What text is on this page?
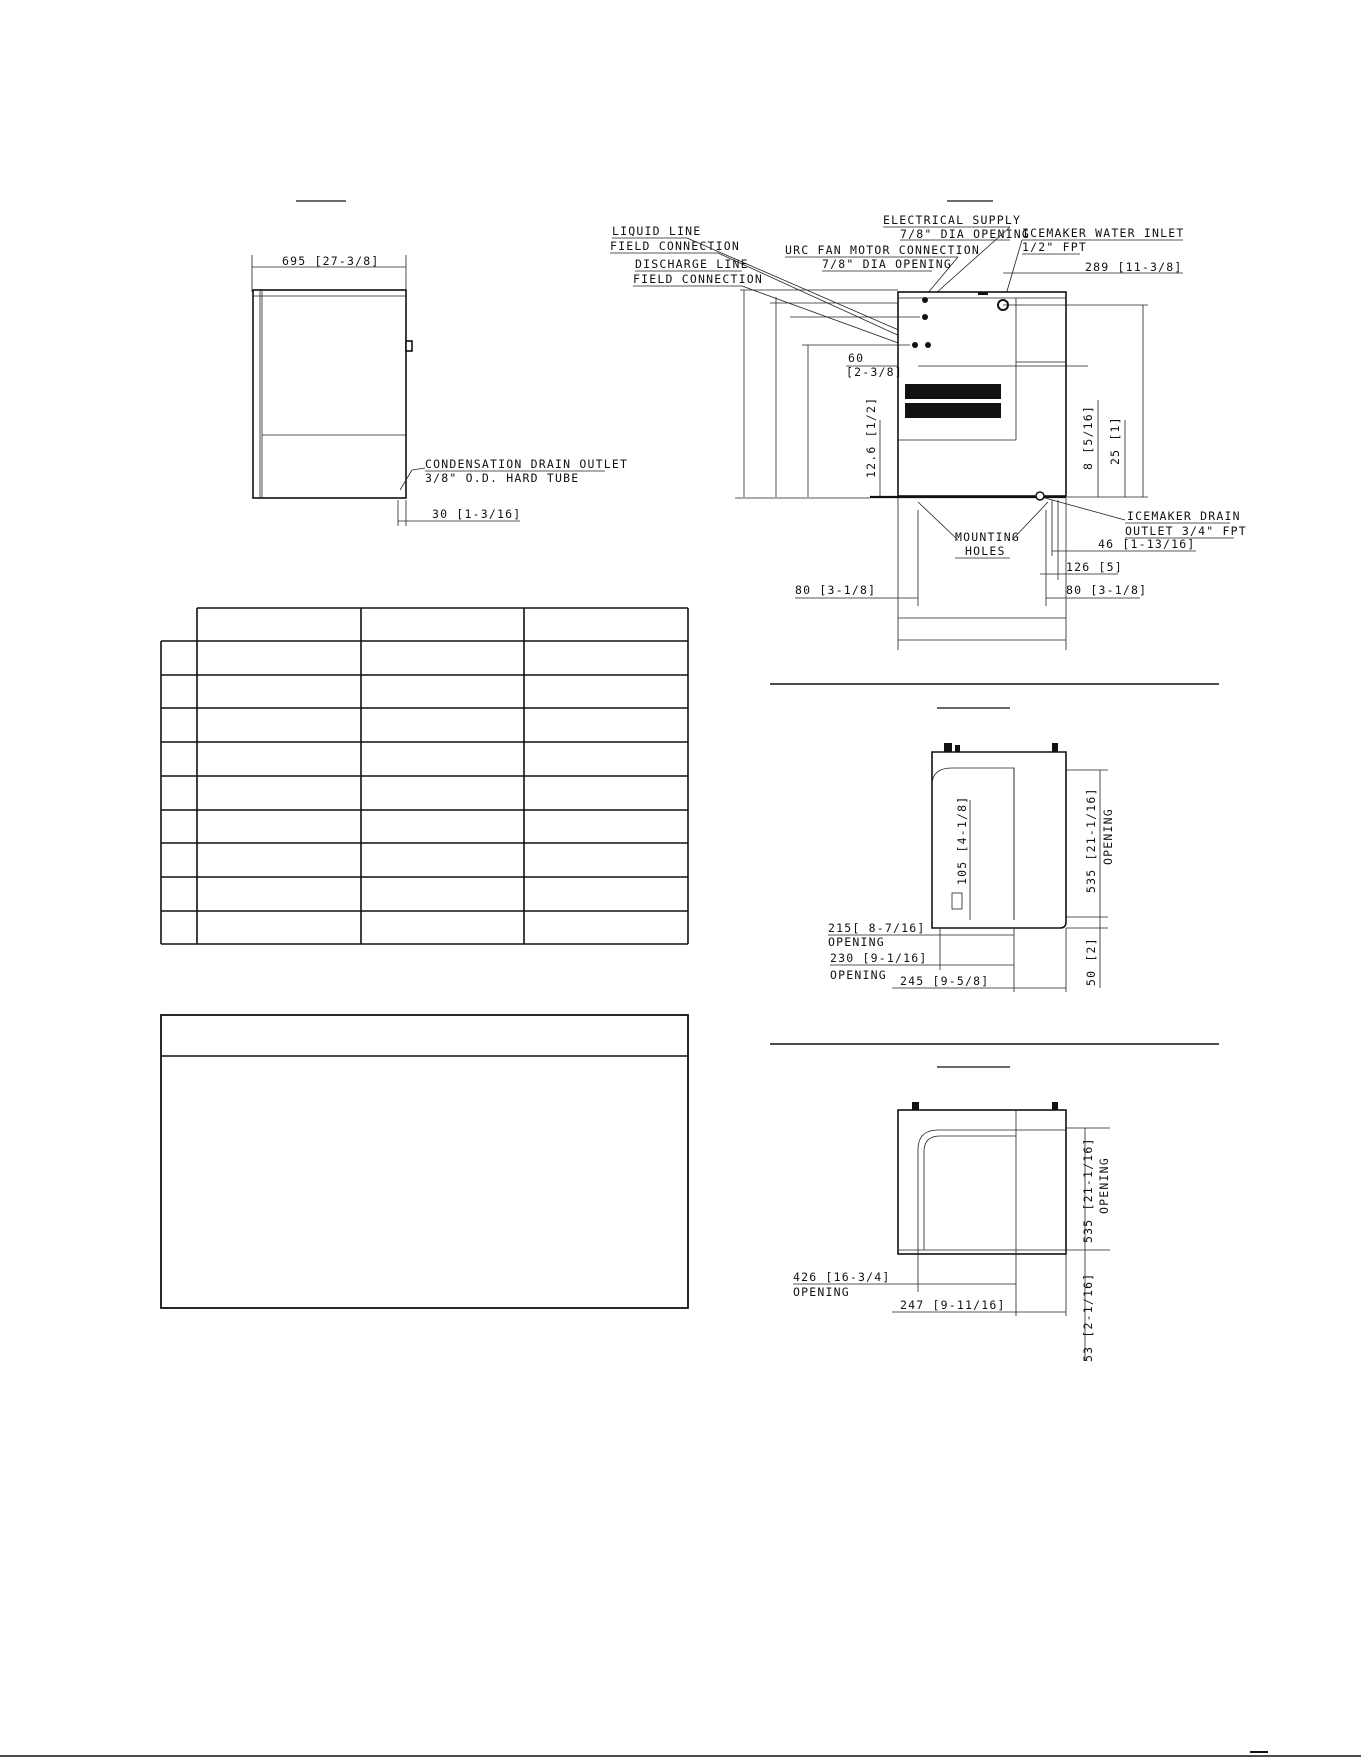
695 [27-3/8]
CONDENSATION DRAIN OUTLET
3/8" O.D. HARD TUBE
30 [1-3/16]
LIQUID LINE
FIELD CONNECTION
DISCHARGE LINE
FIELD CONNECTION
ELECTRICAL SUPPLY
7/8" DIA OPENING
URC FAN MOTOR CONNECTION
7/8" DIA OPENING
ICEMAKER WATER INLET
1/2" FPT
289 [11-3/8]
60
[2-3/8]
12.6 [1/2]	8 [5/16] 25 [1]
ICEMAKER DRAIN
OUTLET 3/4" FPT
46 [1-13/16]
126 [5]
MOUNTING
HOLES
80 [3-1/8]	80 [3-1/8]
105 [4-1/8]	535 [21-1/16] OPENING
215[ 8-7/16]
OPENING
230 [9-1/16]
OPENING 245 [9-5/8]	50 [2]
535 [21-1/16] OPENING
426 [16-3/4]
OPENING
247 [9-11/16]	53 [2-1/16]
